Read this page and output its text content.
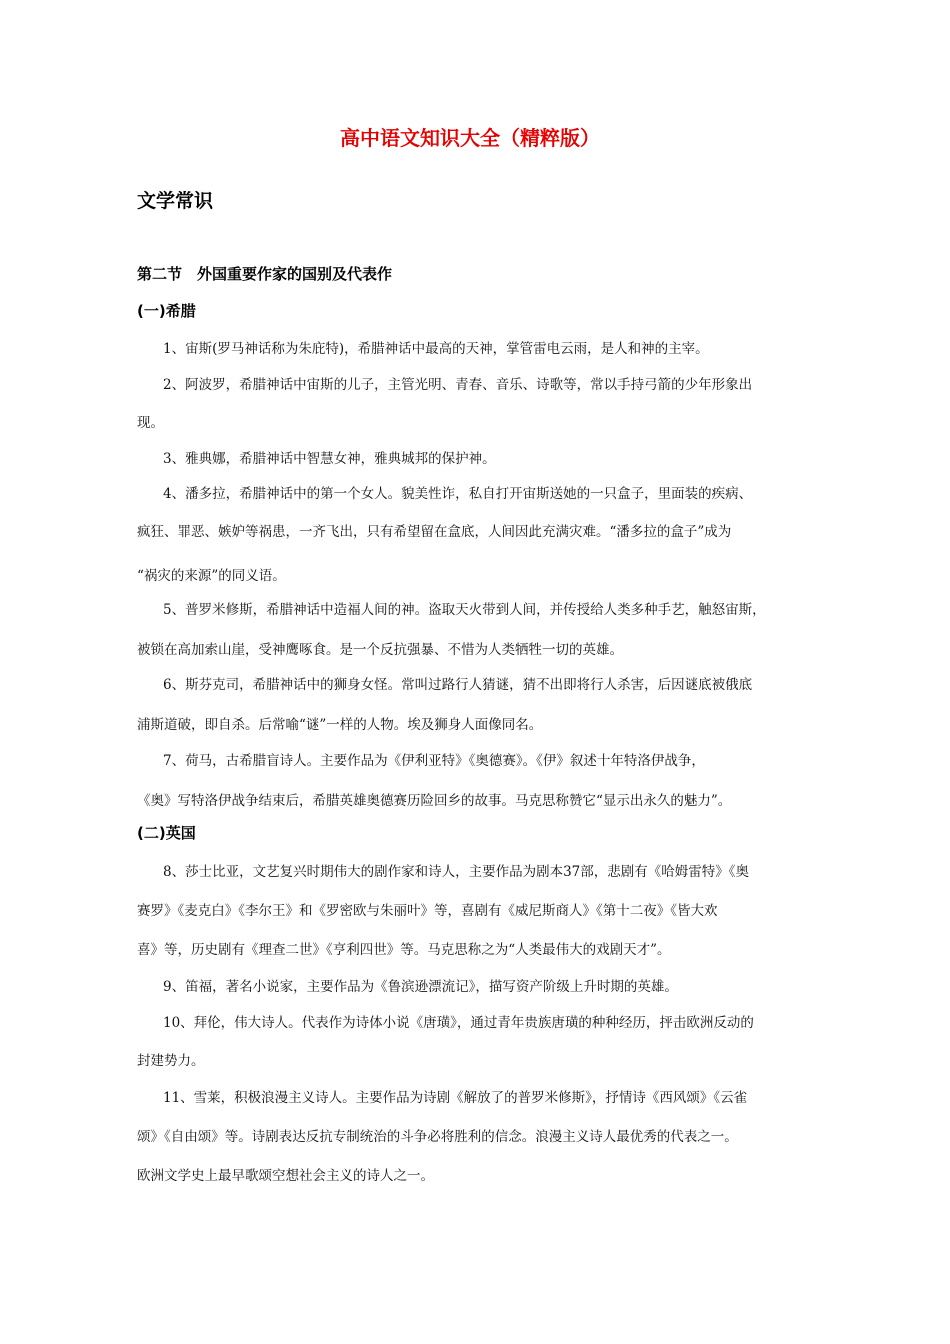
高中语文知识大全（精粹版）
文学常识
第二节　外国重要作家的国别及代表作
(一)希腊
1、宙斯(罗马神话称为朱庇特)，希腊神话中最高的天神，掌管雷电云雨，是人和神的主宰。
2、阿波罗，希腊神话中宙斯的儿子，主管光明、青春、音乐、诗歌等，常以手持弓箭的少年形象出
现。
3、雅典娜，希腊神话中智慧女神，雅典城邦的保护神。
4、潘多拉，希腊神话中的第一个女人。貌美性诈，私自打开宙斯送她的一只盒子，里面装的疾病、
疯狂、罪恶、嫉妒等祸患，一齐飞出，只有希望留在盒底，人间因此充满灾难。“潘多拉的盒子”成为
“祸灾的来源”的同义语。
5、普罗米修斯，希腊神话中造福人间的神。盗取天火带到人间，并传授给人类多种手艺，触怒宙斯，
被锁在高加索山崖，受神鹰啄食。是一个反抗强暴、不惜为人类牺牲一切的英雄。
6、斯芬克司，希腊神话中的狮身女怪。常叫过路行人猜谜，猜不出即将行人杀害，后因谜底被俄底
浦斯道破，即自杀。后常喻“谜”一样的人物。埃及狮身人面像同名。
7、荷马，古希腊盲诗人。主要作品为《伊利亚特》《奥德赛》。《伊》叙述十年特洛伊战争，
《奥》写特洛伊战争结束后，希腊英雄奥德赛历险回乡的故事。马克思称赞它“显示出永久的魅力”。
(二)英国
8、莎士比亚，文艺复兴时期伟大的剧作家和诗人，主要作品为剧本37部，悲剧有《哈姆雷特》《奥
赛罗》《麦克白》《李尔王》和《罗密欧与朱丽叶》等，喜剧有《威尼斯商人》《第十二夜》《皆大欢
喜》等，历史剧有《理查二世》《亨利四世》等。马克思称之为“人类最伟大的戏剧天才”。
9、笛福，著名小说家，主要作品为《鲁滨逊漂流记》，描写资产阶级上升时期的英雄。
10、拜伦，伟大诗人。代表作为诗体小说《唐璜》，通过青年贵族唐璜的种种经历，抨击欧洲反动的
封建势力。
11、雪莱，积极浪漫主义诗人。主要作品为诗剧《解放了的普罗米修斯》，抒情诗《西风颂》《云雀
颂》《自由颂》等。诗剧表达反抗专制统治的斗争必将胜利的信念。浪漫主义诗人最优秀的代表之一。
欧洲文学史上最早歌颂空想社会主义的诗人之一。
